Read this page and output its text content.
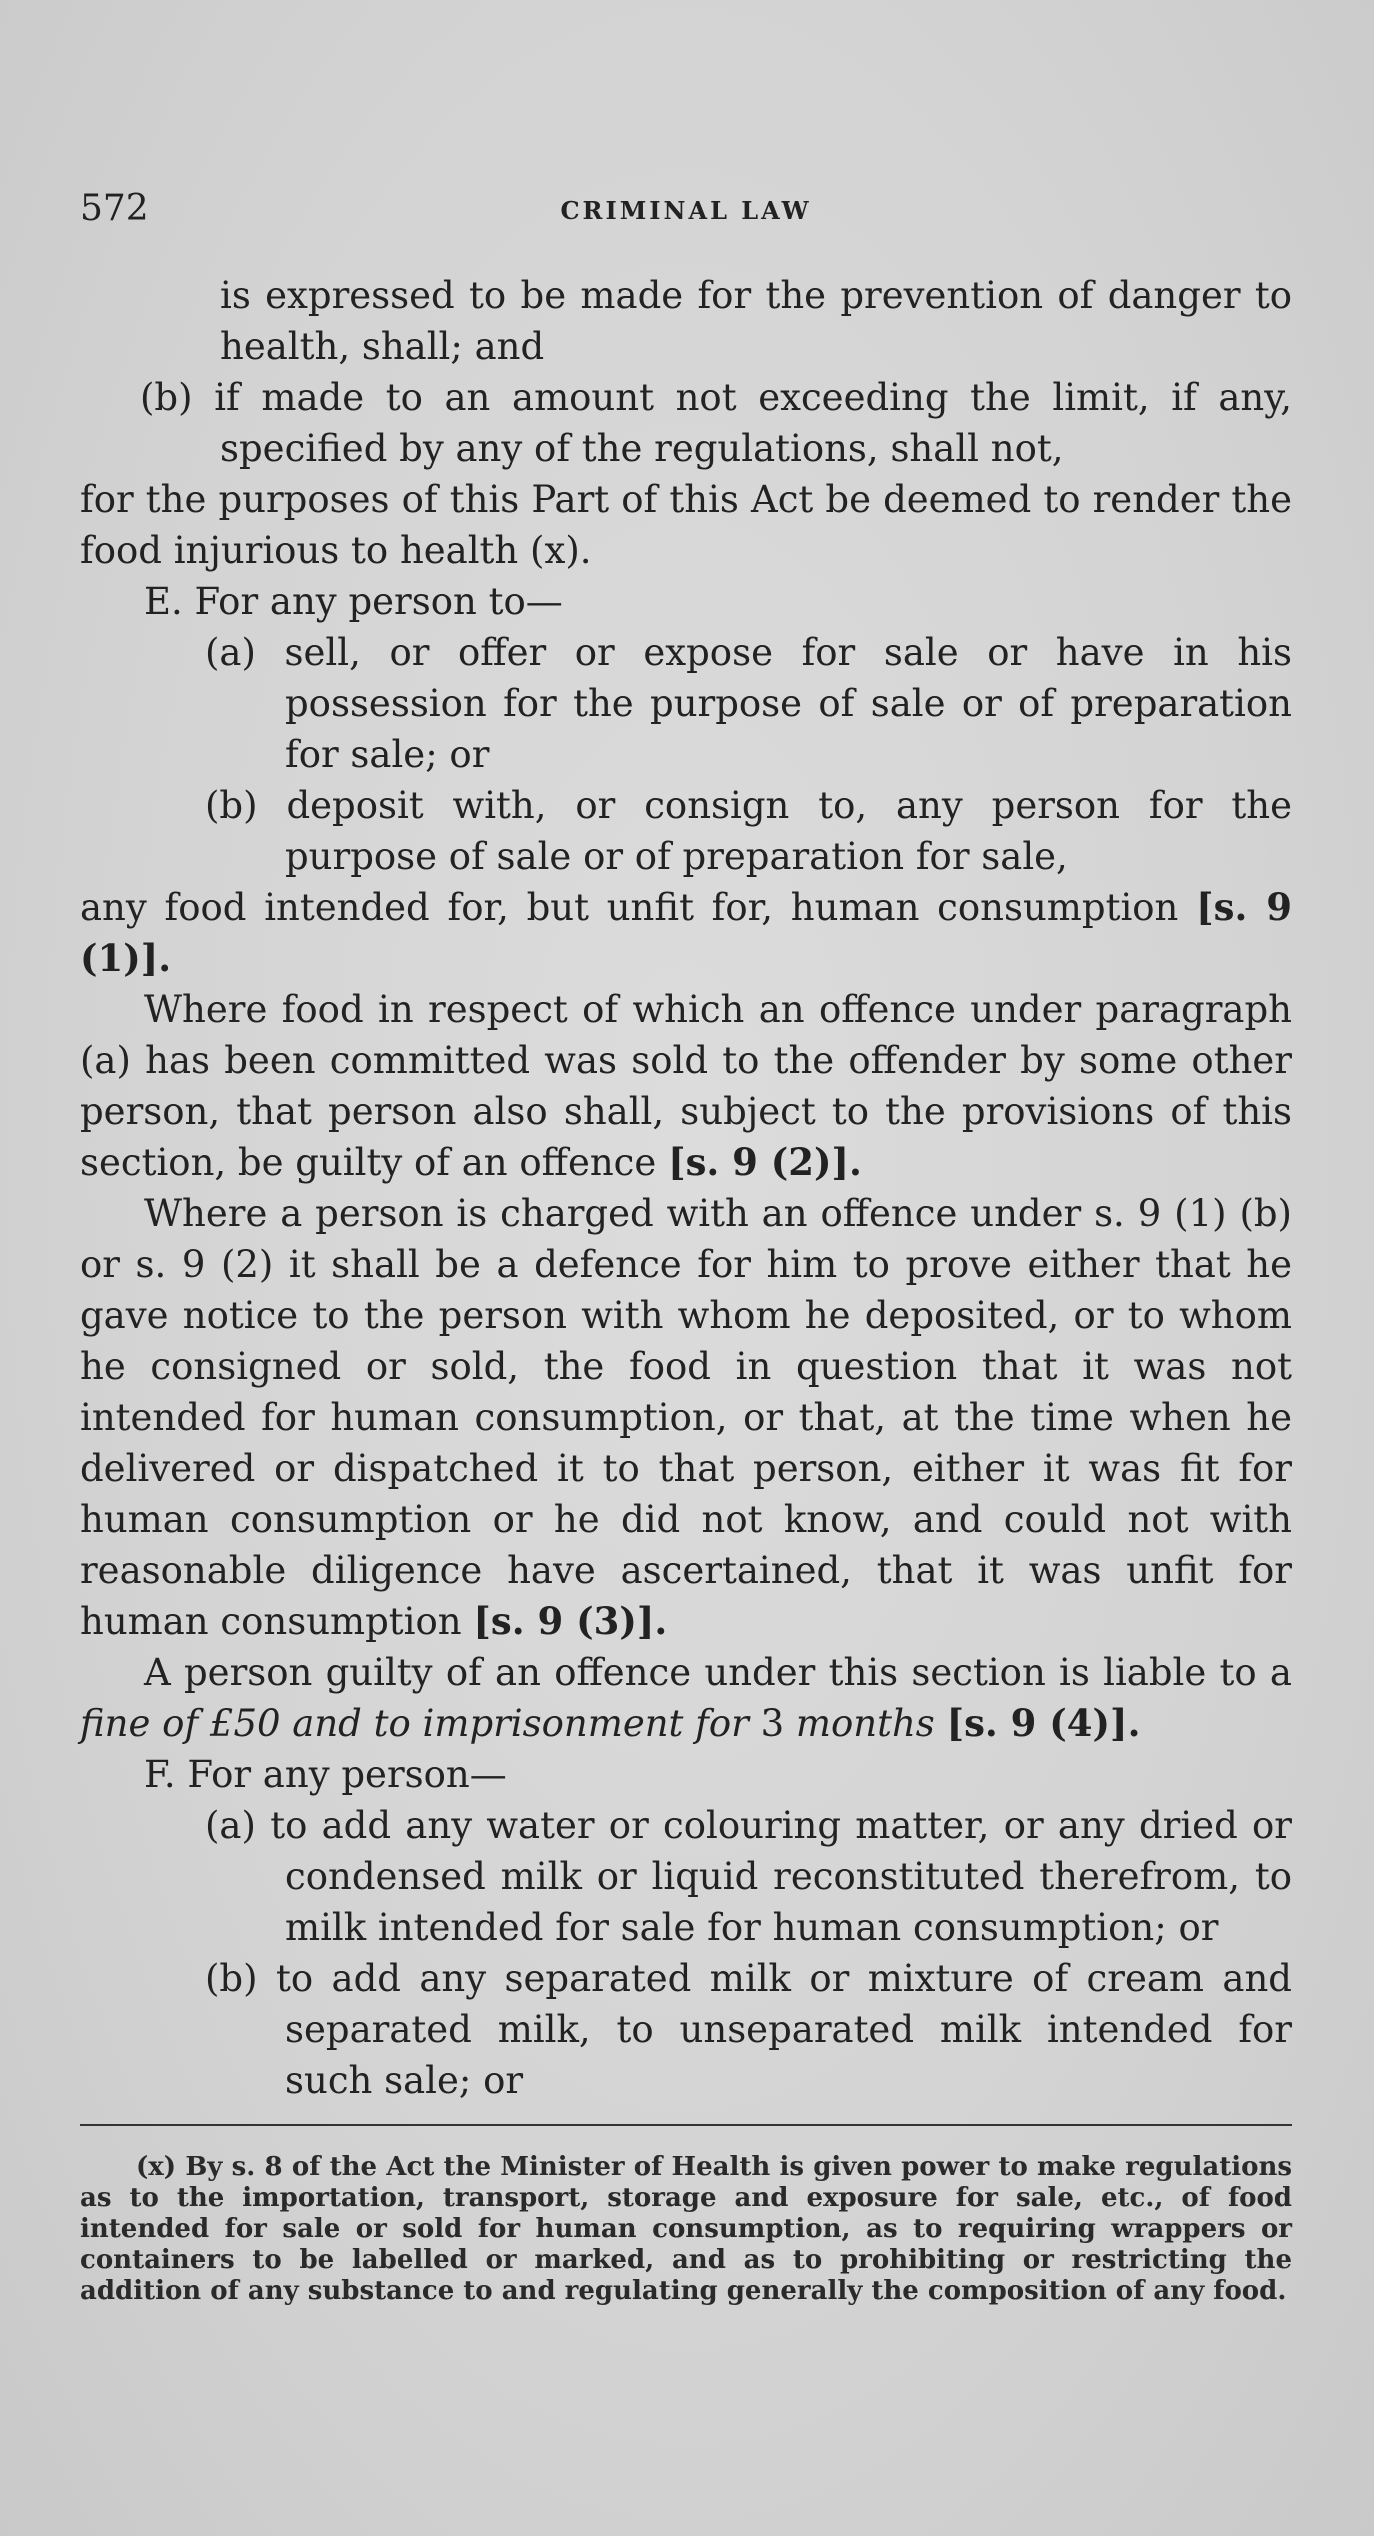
572	CRIMINAL LAW

is expressed to be made for the prevention of danger to health, shall; and

(b) if made to an amount not exceeding the limit, if any, specified by any of the regulations, shall not,

for the purposes of this Part of this Act be deemed to render the food injurious to health (x).

E. For any person to—

(a) sell, or offer or expose for sale or have in his possession for the purpose of sale or of preparation for sale; or

(b) deposit with, or consign to, any person for the purpose of sale or of preparation for sale,

any food intended for, but unfit for, human consumption [s. 9 (1)].

Where food in respect of which an offence under paragraph (a) has been committed was sold to the offender by some other person, that person also shall, subject to the provisions of this section, be guilty of an offence [s. 9 (2)].

Where a person is charged with an offence under s. 9 (1) (b) or s. 9 (2) it shall be a defence for him to prove either that he gave notice to the person with whom he deposited, or to whom he consigned or sold, the food in question that it was not intended for human consumption, or that, at the time when he delivered or dispatched it to that person, either it was fit for human consumption or he did not know, and could not with reasonable diligence have ascertained, that it was unfit for human consumption [s. 9 (3)].

A person guilty of an offence under this section is liable to a fine of £50 and to imprisonment for 3 months [s. 9 (4)].

F. For any person—

(a) to add any water or colouring matter, or any dried or condensed milk or liquid reconstituted therefrom, to milk intended for sale for human consumption; or

(b) to add any separated milk or mixture of cream and separated milk, to unseparated milk intended for such sale; or

(x) By s. 8 of the Act the Minister of Health is given power to make regulations as to the importation, transport, storage and exposure for sale, etc., of food intended for sale or sold for human consumption, as to requiring wrappers or containers to be labelled or marked, and as to prohibiting or restricting the addition of any substance to and regulating generally the composition of any food.
